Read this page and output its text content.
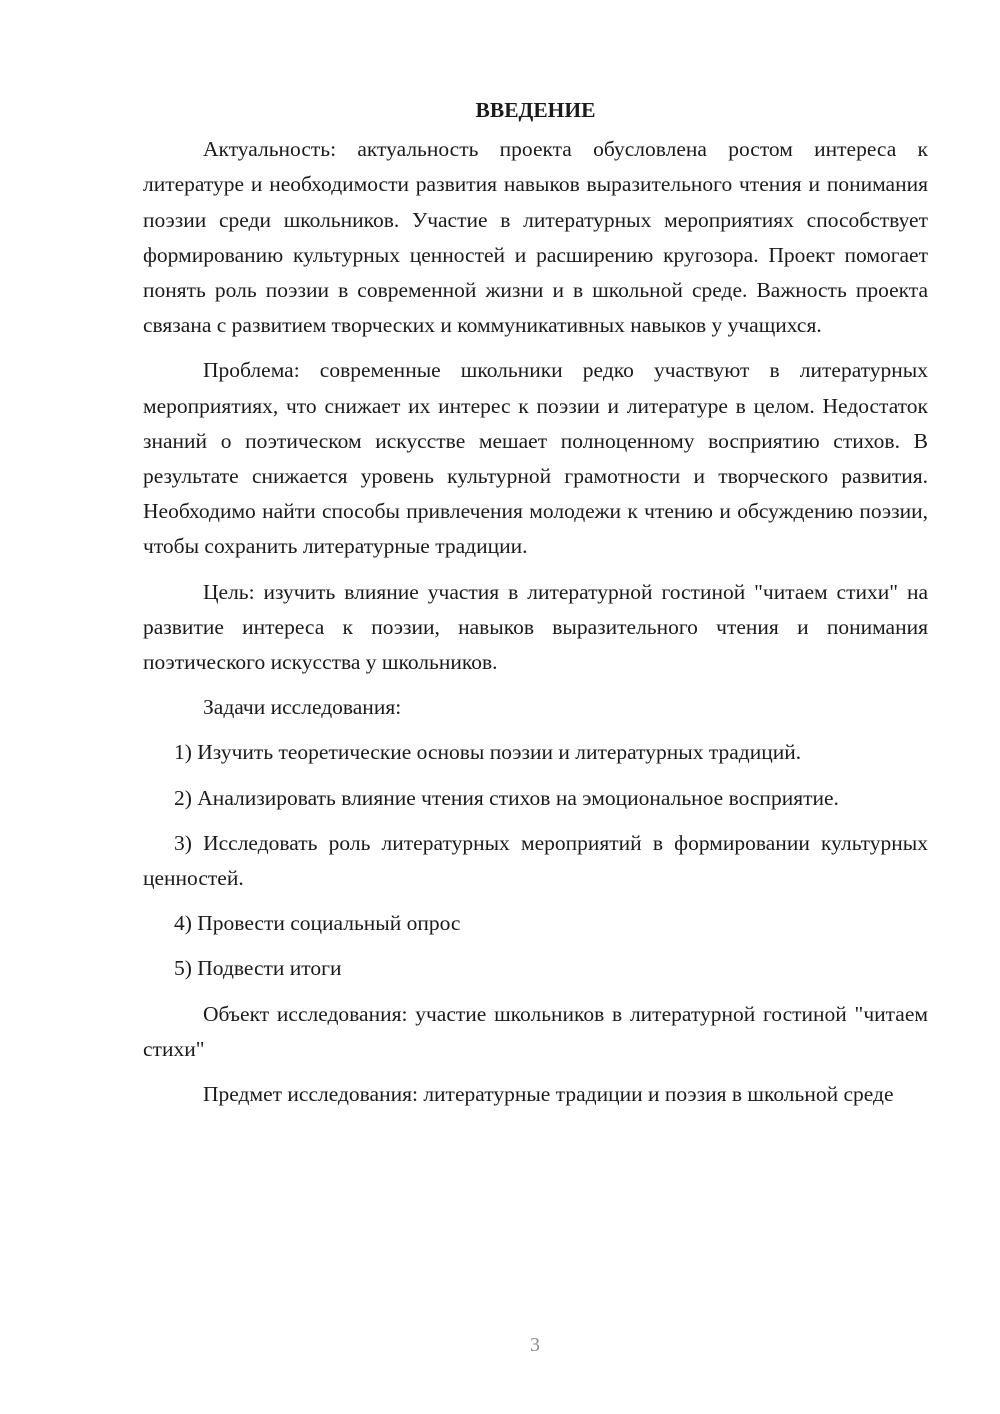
ВВЕДЕНИЕ

Актуальность: актуальность проекта обусловлена ростом интереса к литературе и необходимости развития навыков выразительного чтения и понимания поэзии среди школьников. Участие в литературных мероприятиях способствует формированию культурных ценностей и расширению кругозора. Проект помогает понять роль поэзии в современной жизни и в школьной среде. Важность проекта связана с развитием творческих и коммуникативных навыков у учащихся.

Проблема: современные школьники редко участвуют в литературных мероприятиях, что снижает их интерес к поэзии и литературе в целом. Недостаток знаний о поэтическом искусстве мешает полноценному восприятию стихов. В результате снижается уровень культурной грамотности и творческого развития. Необходимо найти способы привлечения молодежи к чтению и обсуждению поэзии, чтобы сохранить литературные традиции.

Цель: изучить влияние участия в литературной гостиной "читаем стихи" на развитие интереса к поэзии, навыков выразительного чтения и понимания поэтического искусства у школьников.

Задачи исследования:

1) Изучить теоретические основы поэзии и литературных традиций.

2) Анализировать влияние чтения стихов на эмоциональное восприятие.

3) Исследовать роль литературных мероприятий в формировании культурных ценностей.

4) Провести социальный опрос

5) Подвести итоги

Объект исследования: участие школьников в литературной гостиной "читаем стихи"

Предмет исследования: литературные традиции и поэзия в школьной среде

3
